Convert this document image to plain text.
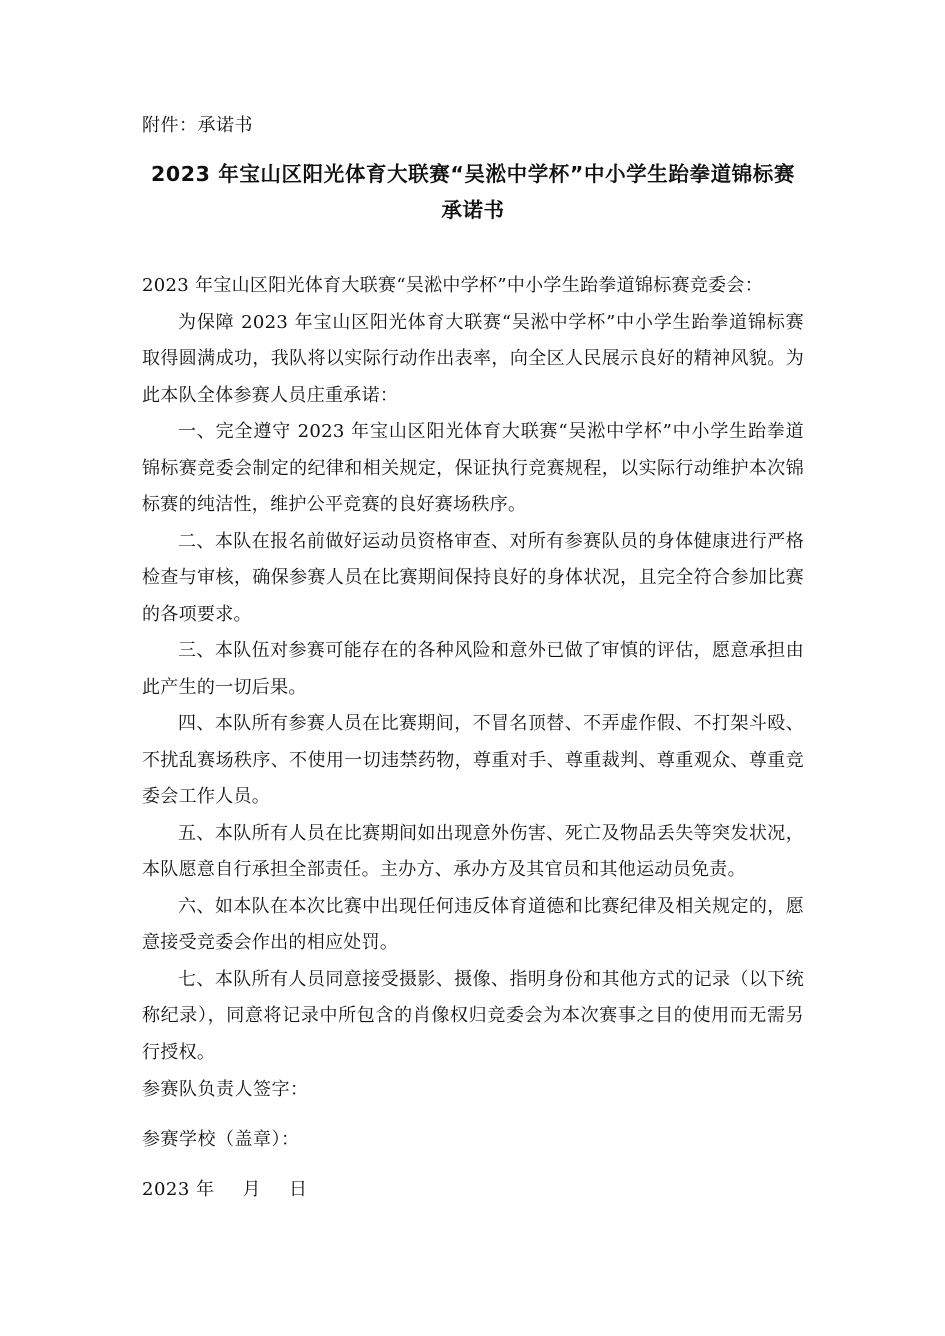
附件：承诺书
2023 年宝山区阳光体育大联赛“吴淞中学杯”中小学生跆拳道锦标赛承诺书

2023 年宝山区阳光体育大联赛“吴淞中学杯”中小学生跆拳道锦标赛竞委会：

为保障 2023 年宝山区阳光体育大联赛“吴淞中学杯”中小学生跆拳道锦标赛取得圆满成功，我队将以实际行动作出表率，向全区人民展示良好的精神风貌。为此本队全体参赛人员庄重承诺：

一、完全遵守 2023 年宝山区阳光体育大联赛“吴淞中学杯”中小学生跆拳道锦标赛竞委会制定的纪律和相关规定，保证执行竞赛规程，以实际行动维护本次锦标赛的纯洁性，维护公平竞赛的良好赛场秩序。

二、本队在报名前做好运动员资格审查、对所有参赛队员的身体健康进行严格检查与审核，确保参赛人员在比赛期间保持良好的身体状况，且完全符合参加比赛的各项要求。

三、本队伍对参赛可能存在的各种风险和意外已做了审慎的评估，愿意承担由此产生的一切后果。

四、本队所有参赛人员在比赛期间，不冒名顶替、不弄虚作假、不打架斗殴、不扰乱赛场秩序、不使用一切违禁药物，尊重对手、尊重裁判、尊重观众、尊重竞委会工作人员。

五、本队所有人员在比赛期间如出现意外伤害、死亡及物品丢失等突发状况，本队愿意自行承担全部责任。主办方、承办方及其官员和其他运动员免责。

六、如本队在本次比赛中出现任何违反体育道德和比赛纪律及相关规定的，愿意接受竞委会作出的相应处罚。

七、本队所有人员同意接受摄影、摄像、指明身份和其他方式的记录（以下统称纪录），同意将记录中所包含的肖像权归竞委会为本次赛事之目的使用而无需另行授权。

参赛队负责人签字：
参赛学校（盖章）：
2023 年 月 日
